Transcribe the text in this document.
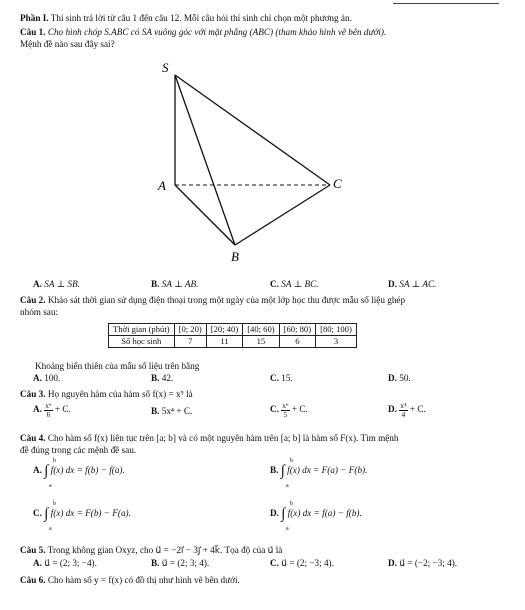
Phần I. Thí sinh trả lời từ câu 1 đến câu 12. Mỗi câu hỏi thí sinh chỉ chọn một phương án.
Câu 1. Cho hình chóp S.ABC có SA vuông góc với mặt phẳng (ABC) (tham khảo hình vẽ bên dưới).
Mệnh đề nào sau đây sai?
S
A
B
C
A. SA ⊥ SB.	B. SA ⊥ AB.	C. SA ⊥ BC.	D. SA ⊥ AC.
Câu 2. Khảo sát thời gian sử dụng điện thoại trong một ngày của một lớp học thu được mẫu số liệu ghép
nhóm sau:
Thời gian (phút)	[0; 20)	[20; 40)	[40; 60)	[60; 80)	[80; 100)
Số học sinh	7	11	15	6	3
Khoảng biến thiên của mẫu số liệu trên bằng
A. 100.	B. 42.	C. 15.	D. 50.
Câu 3. Họ nguyên hàm của hàm số f(x) = x⁵ là
A. $\frac{\text{x⁶}}{6} + C$.	B. 5x⁴ + C.	C. $\frac{\text{x⁶}}{5} + C$.	D. $\frac{\text{x⁴}}{4} + C$.
Câu 4. Cho hàm số f(x) liên tục trên [a; b] và có một nguyên hàm trên [a; b] là hàm số F(x). Tìm mệnh
đề đúng trong các mệnh đề sau.
A. ∫
b
a
f(x) dx = f(b) − f(a).	B. ∫
b
a
f(x) dx = F(a) − F(b).
C. ∫
b
a
f(x) dx = F(b) − F(a).	D. ∫
b
a
f(x) dx = f(a) − f(b).
Câu 5. Trong không gian Oxyz, cho u⃗ = −2i⃗ − 3j⃗ + 4k⃗. Tọa độ của u⃗ là
A. u⃗ = (2; 3; −4).	B. u⃗ = (2; 3; 4).	C. u⃗ = (2; −3; 4).	D. u⃗ = (−2; −3; 4).
Câu 6. Cho hàm số y = f(x) có đồ thị như hình vẽ bên dưới.
